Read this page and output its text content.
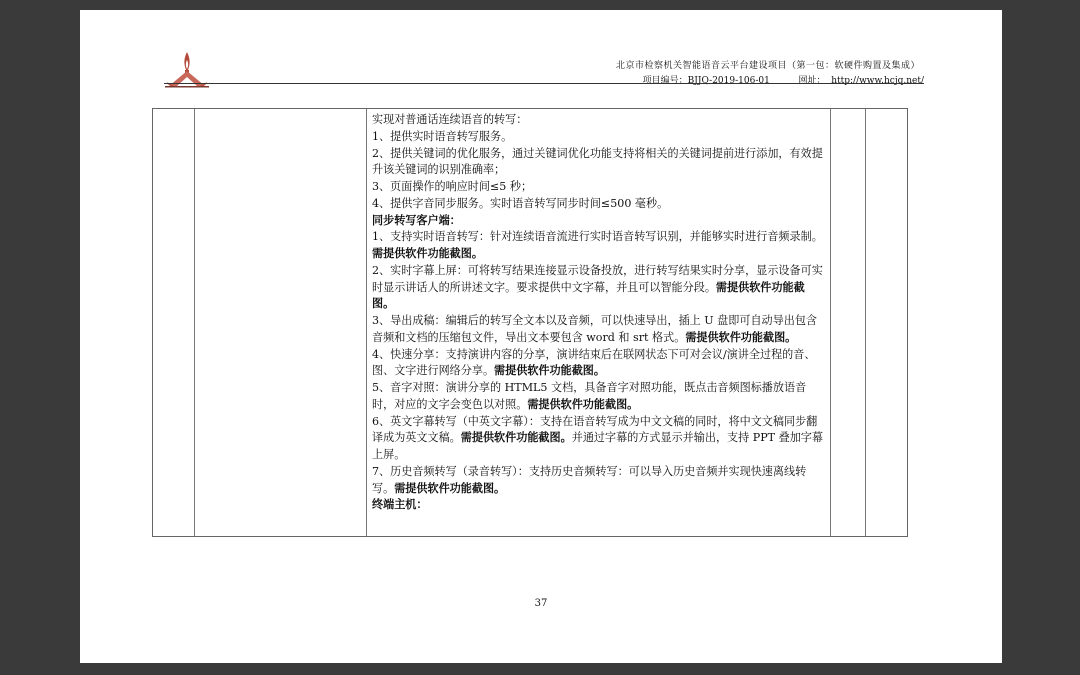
北京市检察机关智能语音云平台建设项目（第一包：软硬件购置及集成）
项目编号：BJJQ-2019-106-01	网址： http://www.hcjq.net/

实现对普通话连续语音的转写：

1、提供实时语音转写服务。

2、提供关键词的优化服务，通过关键词优化功能支持将相关的关键词提前进行添加，有效提升该关键词的识别准确率；

3、页面操作的响应时间≤5 秒；

4、提供字音同步服务。实时语音转写同步时间≤500 毫秒。

同步转写客户端：

1、支持实时语音转写：针对连续语音流进行实时语音转写识别，并能够实时进行音频录制。需提供软件功能截图。

2、实时字幕上屏：可将转写结果连接显示设备投放，进行转写结果实时分享，显示设备可实时显示讲话人的所讲述文字。要求提供中文字幕，并且可以智能分段。需提供软件功能截图。

3、导出成稿：编辑后的转写全文本以及音频，可以快速导出，插上 U 盘即可自动导出包含音频和文档的压缩包文件，导出文本要包含 word 和 srt 格式。需提供软件功能截图。

4、快速分享：支持演讲内容的分享，演讲结束后在联网状态下可对会议/演讲全过程的音、图、文字进行网络分享。需提供软件功能截图。

5、音字对照：演讲分享的 HTML5 文档，具备音字对照功能，既点击音频图标播放语音时，对应的文字会变色以对照。需提供软件功能截图。

6、英文字幕转写（中英文字幕）：支持在语音转写成为中文文稿的同时，将中文文稿同步翻译成为英文文稿。需提供软件功能截图。并通过字幕的方式显示并输出，支持 PPT 叠加字幕上屏。

7、历史音频转写（录音转写）：支持历史音频转写：可以导入历史音频并实现快速离线转写。需提供软件功能截图。

终端主机：

37
